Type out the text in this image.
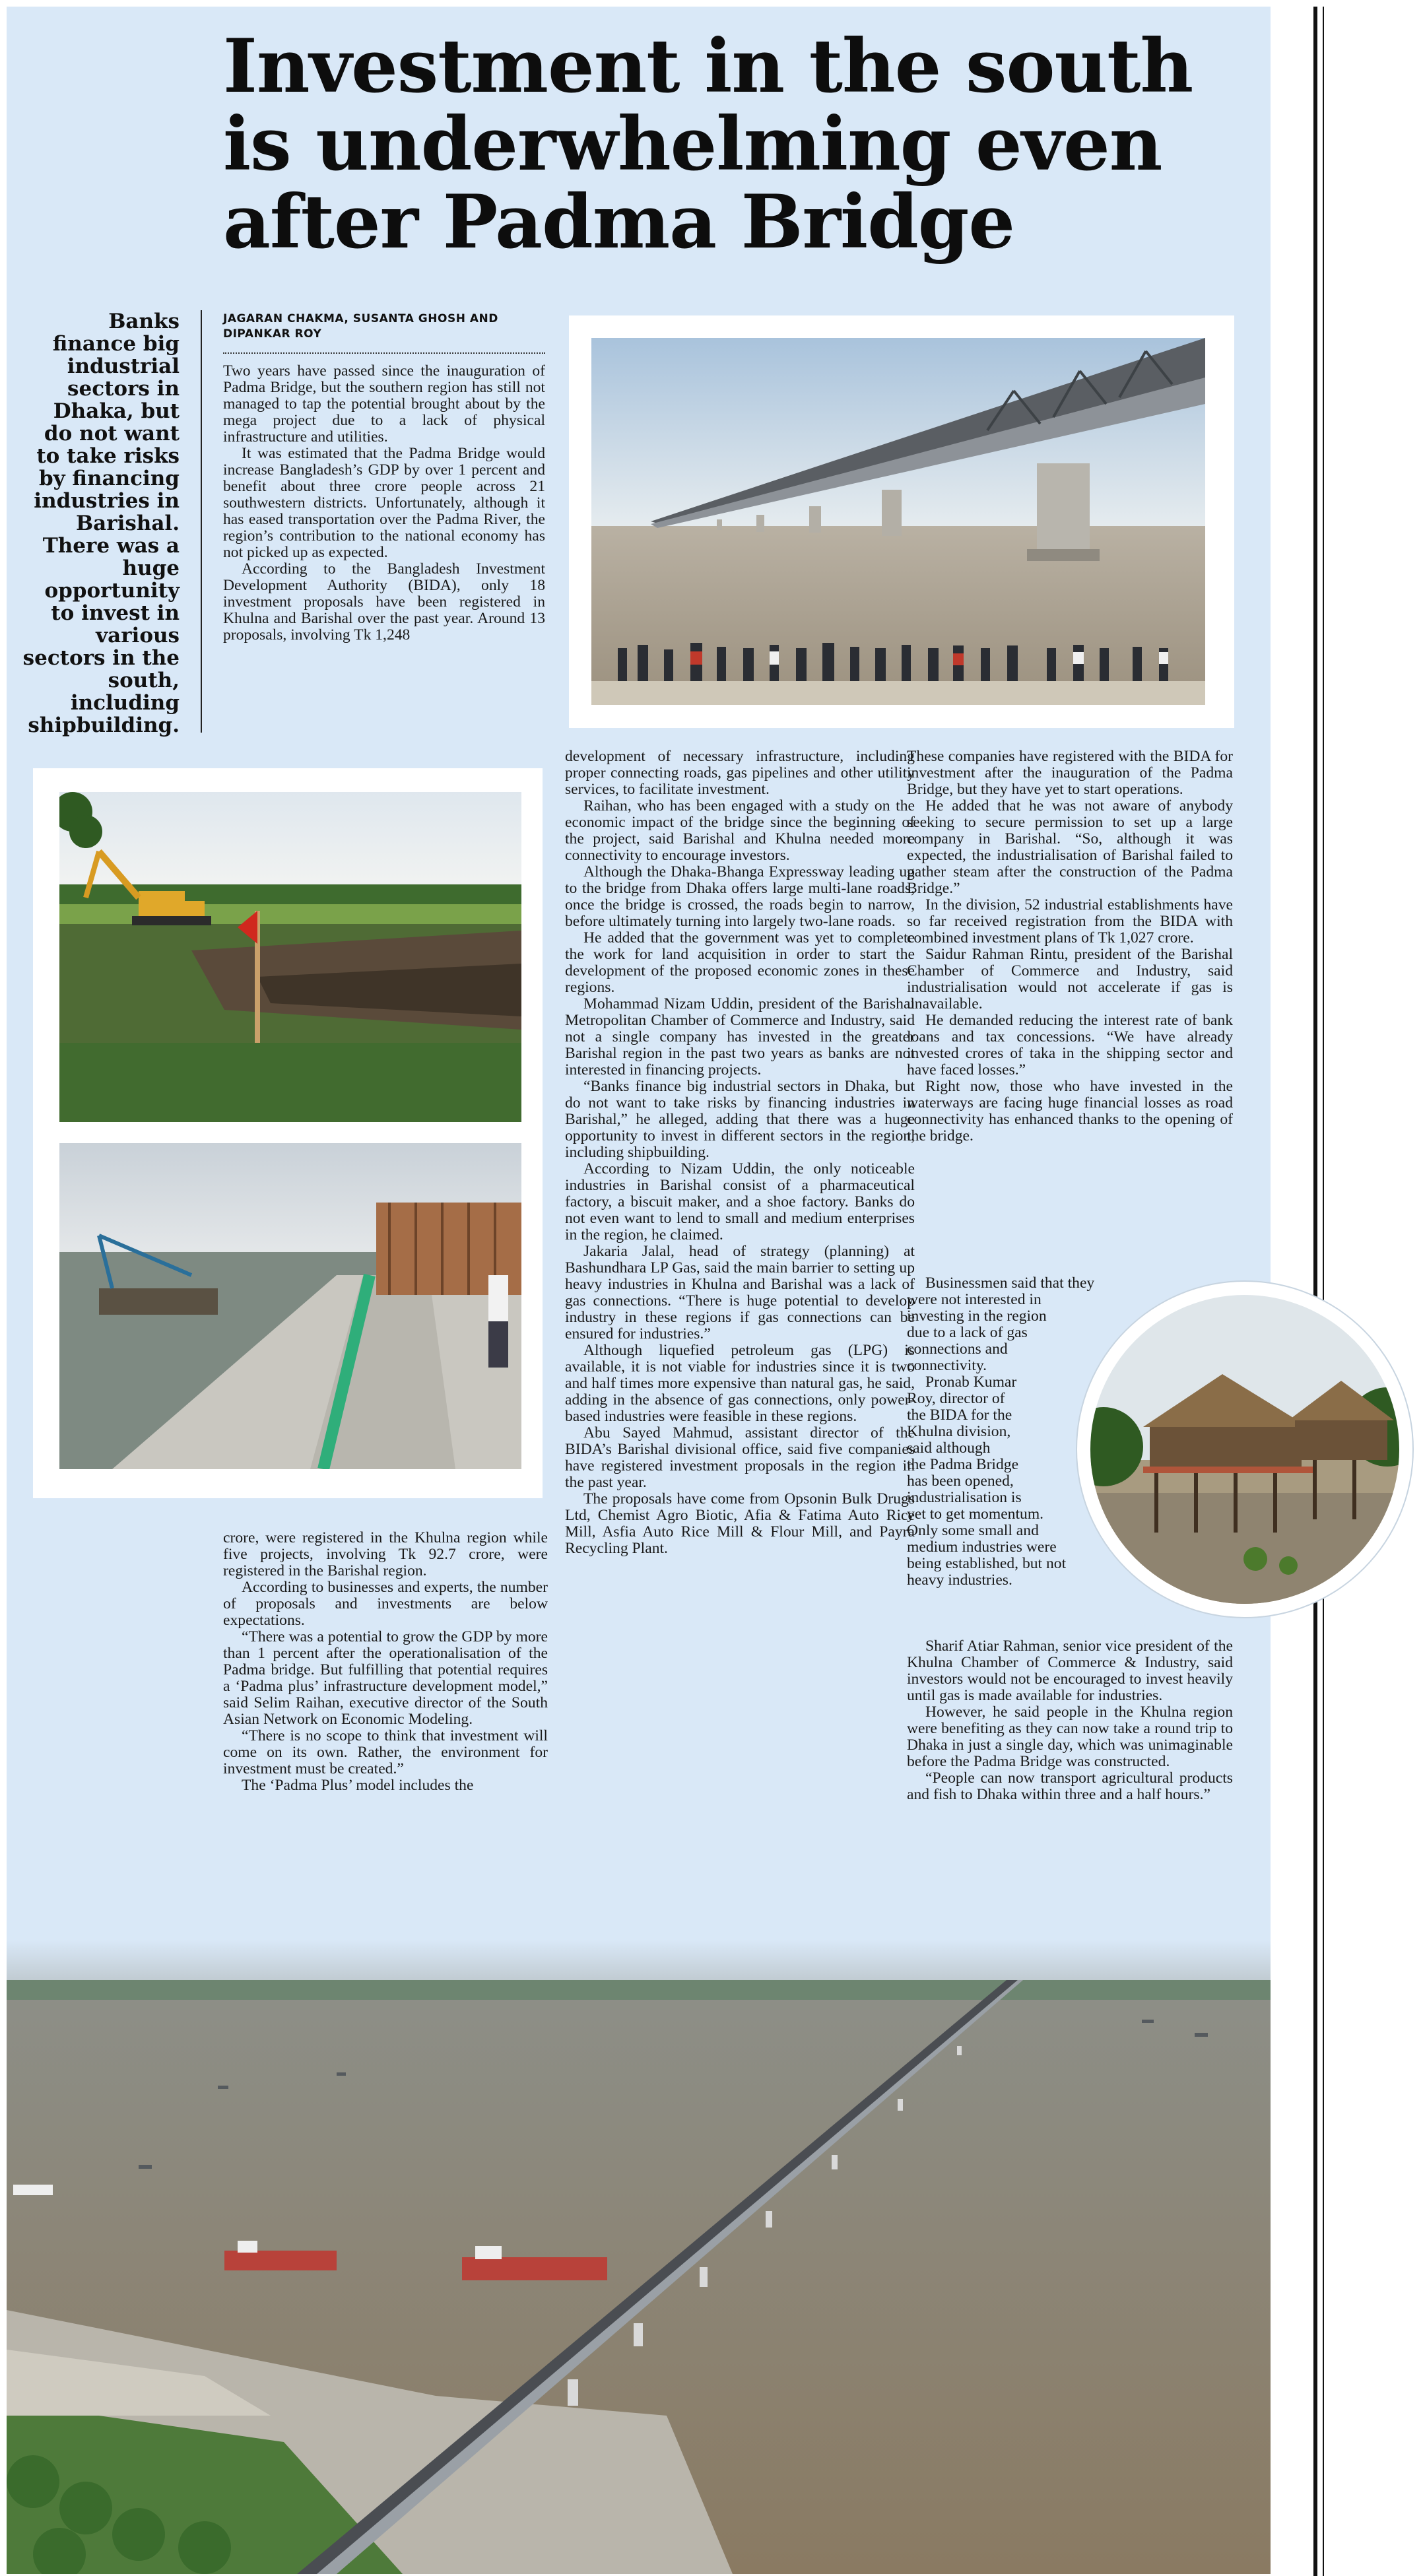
Investment in the south is underwhelming even after Padma Bridge
Banks finance big industrial sectors in Dhaka, but do not want to take risks by financing industries in Barishal. There was a huge opportunity to invest in various sectors in the south, including shipbuilding.
JAGARAN CHAKMA, SUSANTA GHOSH AND DIPANKAR ROY

Two years have passed since the inauguration of Padma Bridge, but the southern region has still not managed to tap the potential brought about by the mega project due to a lack of physical infrastructure and utilities.

It was estimated that the Padma Bridge would increase Bangladesh’s GDP by over 1 percent and benefit about three crore people across 21 southwestern districts. Unfortunately, although it has eased transportation over the Padma River, the region’s contribution to the national economy has not picked up as expected.

According to the Bangladesh Investment Development Authority (BIDA), only 18 investment proposals have been registered in Khulna and Barishal over the past year. Around 13 proposals, involving Tk 1,248

development of necessary infrastructure, including proper connecting roads, gas pipelines and other utility services, to facilitate investment.

Raihan, who has been engaged with a study on the economic impact of the bridge since the beginning of the project, said Barishal and Khulna needed more connectivity to encourage investors.

Although the Dhaka-Bhanga Expressway leading up to the bridge from Dhaka offers large multi-lane roads, once the bridge is crossed, the roads begin to narrow, before ultimately turning into largely two-lane roads.

He added that the government was yet to complete the work for land acquisition in order to start the development of the proposed economic zones in these regions.

Mohammad Nizam Uddin, president of the Barishal Metropolitan Chamber of Commerce and Industry, said not a single company has invested in the greater Barishal region in the past two years as banks are not interested in financing projects.

“Banks finance big industrial sectors in Dhaka, but do not want to take risks by financing industries in Barishal,” he alleged, adding that there was a huge opportunity to invest in different sectors in the region, including shipbuilding.

According to Nizam Uddin, the only noticeable industries in Barishal consist of a pharmaceutical factory, a biscuit maker, and a shoe factory. Banks do not even want to lend to small and medium enterprises in the region, he claimed.

Jakaria Jalal, head of strategy (planning) at Bashundhara LP Gas, said the main barrier to setting up heavy industries in Khulna and Barishal was a lack of gas connections. “There is huge potential to develop industry in these regions if gas connections can be ensured for industries.”

Although liquefied petroleum gas (LPG) is available, it is not viable for industries since it is two and half times more expensive than natural gas, he said, adding in the absence of gas connections, only power-based industries were feasible in these regions.

Abu Sayed Mahmud, assistant director of the BIDA’s Barishal divisional office, said five companies have registered investment proposals in the region in the past year.

The proposals have come from Opsonin Bulk Drugs Ltd, Chemist Agro Biotic, Afia & Fatima Auto Rice Mill, Asfia Auto Rice Mill & Flour Mill, and Payra Recycling Plant.

These companies have registered with the BIDA for investment after the inauguration of the Padma Bridge, but they have yet to start operations.

He added that he was not aware of anybody seeking to secure permission to set up a large company in Barishal. “So, although it was expected, the industrialisation of Barishal failed to gather steam after the construction of the Padma Bridge.”

In the division, 52 industrial establishments have so far received registration from the BIDA with combined investment plans of Tk 1,027 crore.

Saidur Rahman Rintu, president of the Barishal Chamber of Commerce and Industry, said industrialisation would not accelerate if gas is unavailable.

He demanded reducing the interest rate of bank loans and tax concessions. “We have already invested crores of taka in the shipping sector and have faced losses.”

Right now, those who have invested in the waterways are facing huge financial losses as road connectivity has enhanced thanks to the opening of the bridge.

Businessmen said that they
were not interested in
investing in the region
due to a lack of gas
connections and
connectivity.
Pronab Kumar
Roy, director of
the BIDA for the
Khulna division,
said although
the Padma Bridge
has been opened,
industrialisation is
yet to get momentum.
Only some small and
medium industries were
being established, but not
heavy industries.

Sharif Atiar Rahman, senior vice president of the Khulna Chamber of Commerce & Industry, said investors would not be encouraged to invest heavily until gas is made available for industries.

However, he said people in the Khulna region were benefiting as they can now take a round trip to Dhaka in just a single day, which was unimaginable before the Padma Bridge was constructed.

“People can now transport agricultural products and fish to Dhaka within three and a half hours.”

crore, were registered in the Khulna region while five projects, involving Tk 92.7 crore, were registered in the Barishal region.

According to businesses and experts, the number of proposals and investments are below expectations.

“There was a potential to grow the GDP by more than 1 percent after the operationalisation of the Padma bridge. But fulfilling that potential requires a ‘Padma plus’ infrastructure development model,” said Selim Raihan, executive director of the South Asian Network on Economic Modeling.

“There is no scope to think that investment will come on its own. Rather, the environment for investment must be created.”

The ‘Padma Plus’ model includes the
